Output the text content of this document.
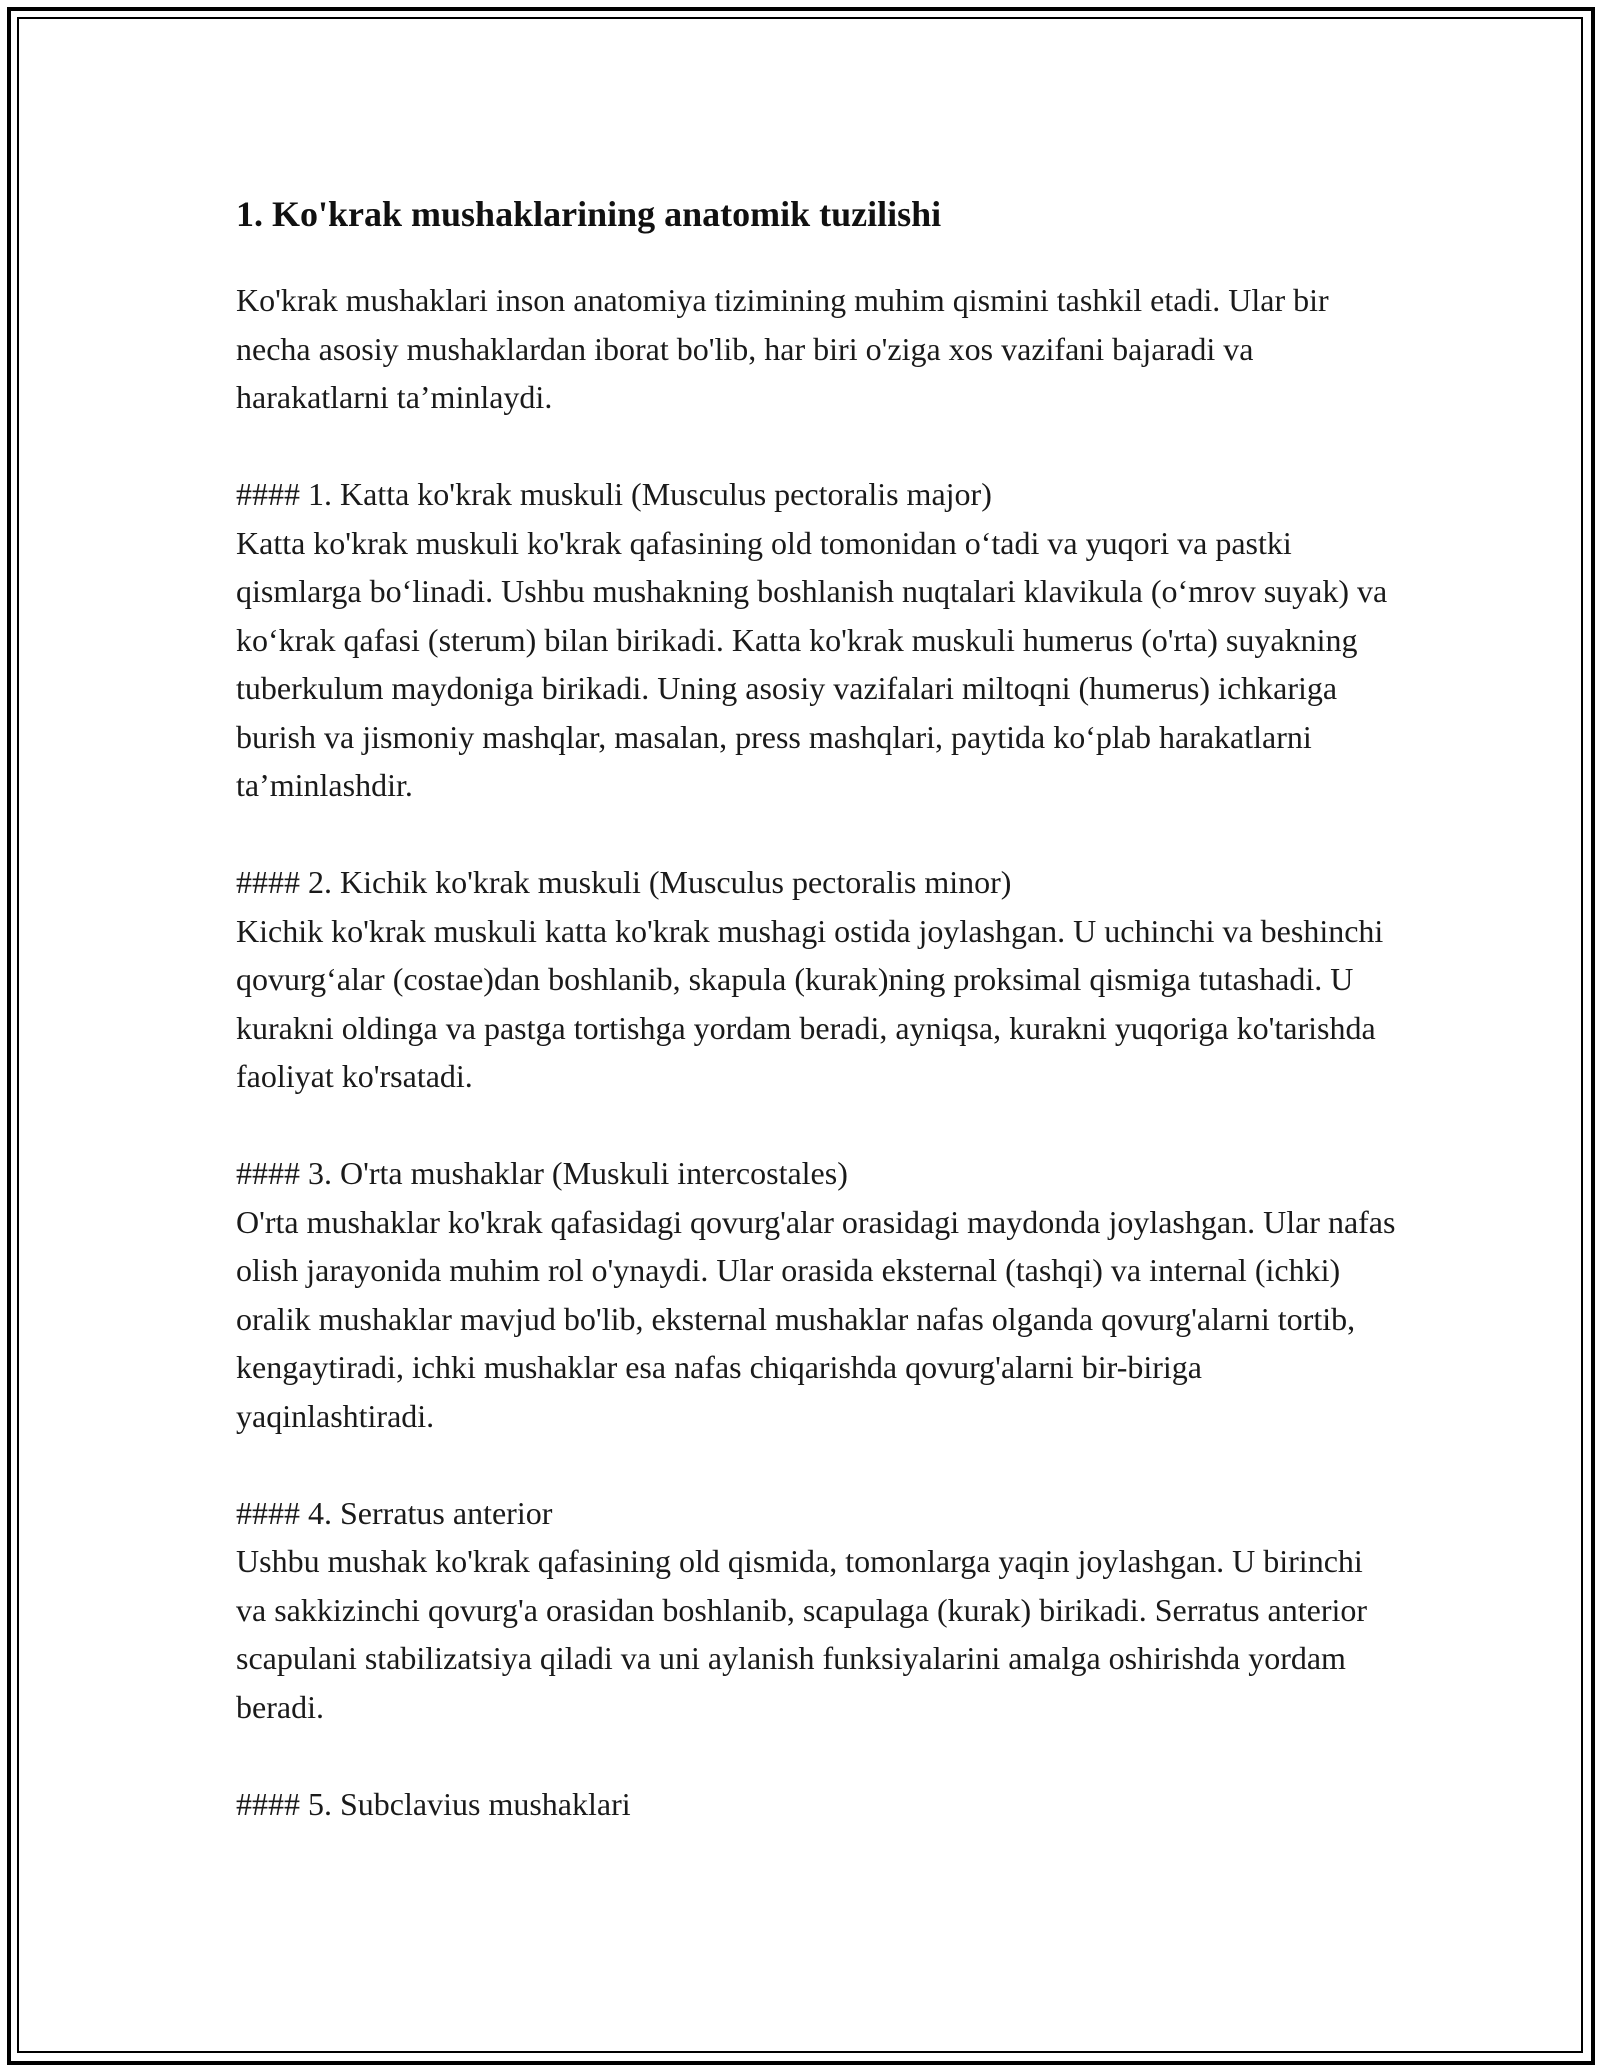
1. Ko'krak mushaklarining anatomik tuzilishi

Ko'krak mushaklari inson anatomiya tizimining muhim qismini tashkil etadi. Ular bir necha asosiy mushaklardan iborat bo'lib, har biri o'ziga xos vazifani bajaradi va harakatlarni ta’minlaydi.

#### 1. Katta ko'krak muskuli (Musculus pectoralis major)

Katta ko'krak muskuli ko'krak qafasining old tomonidan o‘tadi va yuqori va pastki qismlarga bo‘linadi. Ushbu mushakning boshlanish nuqtalari klavikula (o‘mrov suyak) va ko‘krak qafasi (sterum) bilan birikadi. Katta ko'krak muskuli humerus (o'rta) suyakning tuberkulum maydoniga birikadi. Uning asosiy vazifalari miltoqni (humerus) ichkariga burish va jismoniy mashqlar, masalan, press mashqlari, paytida ko‘plab harakatlarni ta’minlashdir.

#### 2. Kichik ko'krak muskuli (Musculus pectoralis minor)

Kichik ko'krak muskuli katta ko'krak mushagi ostida joylashgan. U uchinchi va beshinchi qovurg‘alar (costae)dan boshlanib, skapula (kurak)ning proksimal qismiga tutashadi. U kurakni oldinga va pastga tortishga yordam beradi, ayniqsa, kurakni yuqoriga ko'tarishda faoliyat ko'rsatadi.

#### 3. O'rta mushaklar (Muskuli intercostales)

O'rta mushaklar ko'krak qafasidagi qovurg'alar orasidagi maydonda joylashgan. Ular nafas olish jarayonida muhim rol o'ynaydi. Ular orasida eksternal (tashqi) va internal (ichki) oralik mushaklar mavjud bo'lib, eksternal mushaklar nafas olganda qovurg'alarni tortib, kengaytiradi, ichki mushaklar esa nafas chiqarishda qovurg'alarni bir-biriga yaqinlashtiradi.

#### 4. Serratus anterior

Ushbu mushak ko'krak qafasining old qismida, tomonlarga yaqin joylashgan. U birinchi va sakkizinchi qovurg'a orasidan boshlanib, scapulaga (kurak) birikadi. Serratus anterior scapulani stabilizatsiya qiladi va uni aylanish funksiyalarini amalga oshirishda yordam beradi.

#### 5. Subclavius mushaklari
